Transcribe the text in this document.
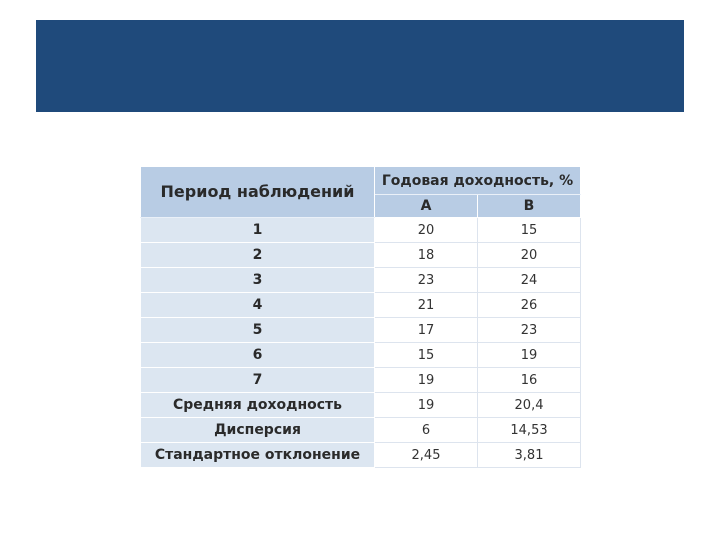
Период наблюдений	Годовая доходность, %	
	А	В
1	20	15
2	18	20
3	23	24
4	21	26
5	17	23
6	15	19
7	19	16
Средняя доходность	19	20,4
Дисперсия	6	14,53
Стандартное отклонение	2,45	3,81
